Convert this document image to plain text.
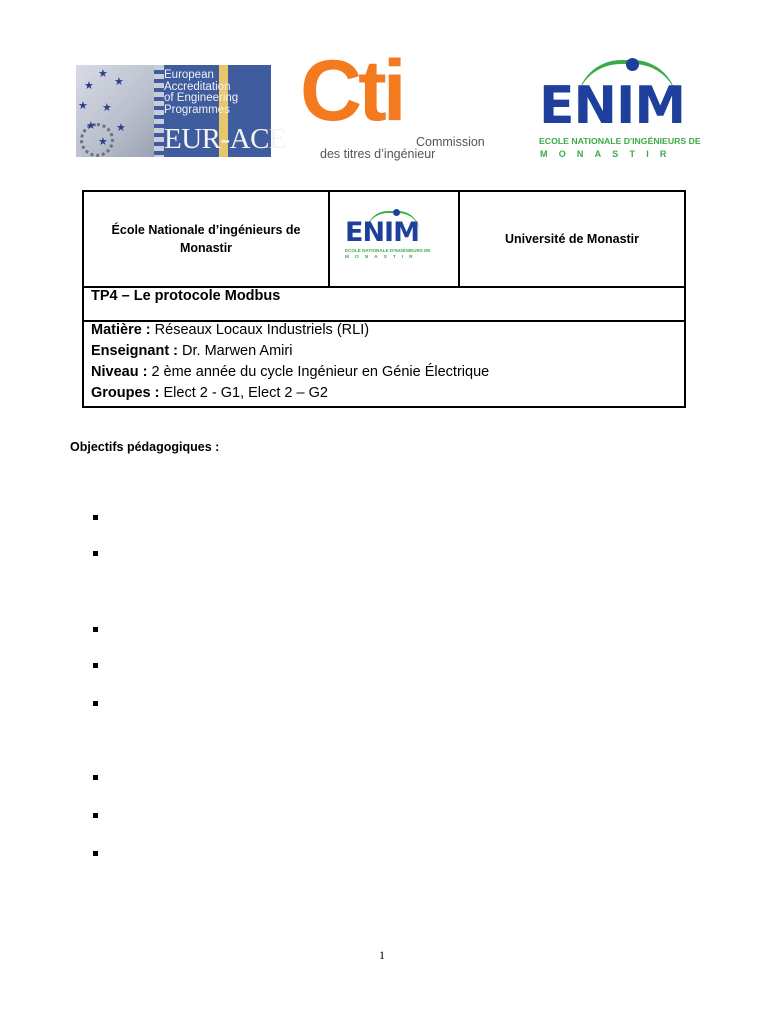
★
★ ★
★ ★
★ ★
★
European
Accreditation
of Engineering
Programmes
EUR-ACE Cti
Commission
des titres d’ingénieur
ENIM
ECOLE NATIONALE D'INGÉNIEURS DE
MONASTIR
École Nationale d’ingénieurs de Monastir	ENIM
ECOLE NATIONALE D'INGÉNIEURS DE
MONASTIR
Université de Monastir
TP4 – Le protocole Modbus
Matière : Réseaux Locaux Industriels (RLI)
Enseignant : Dr. Marwen Amiri
Niveau : 2 ème année du cycle Ingénieur en Génie Électrique
Groupes : Elect 2 - G1, Elect 2 – G2
Objectifs pédagogiques :
1
